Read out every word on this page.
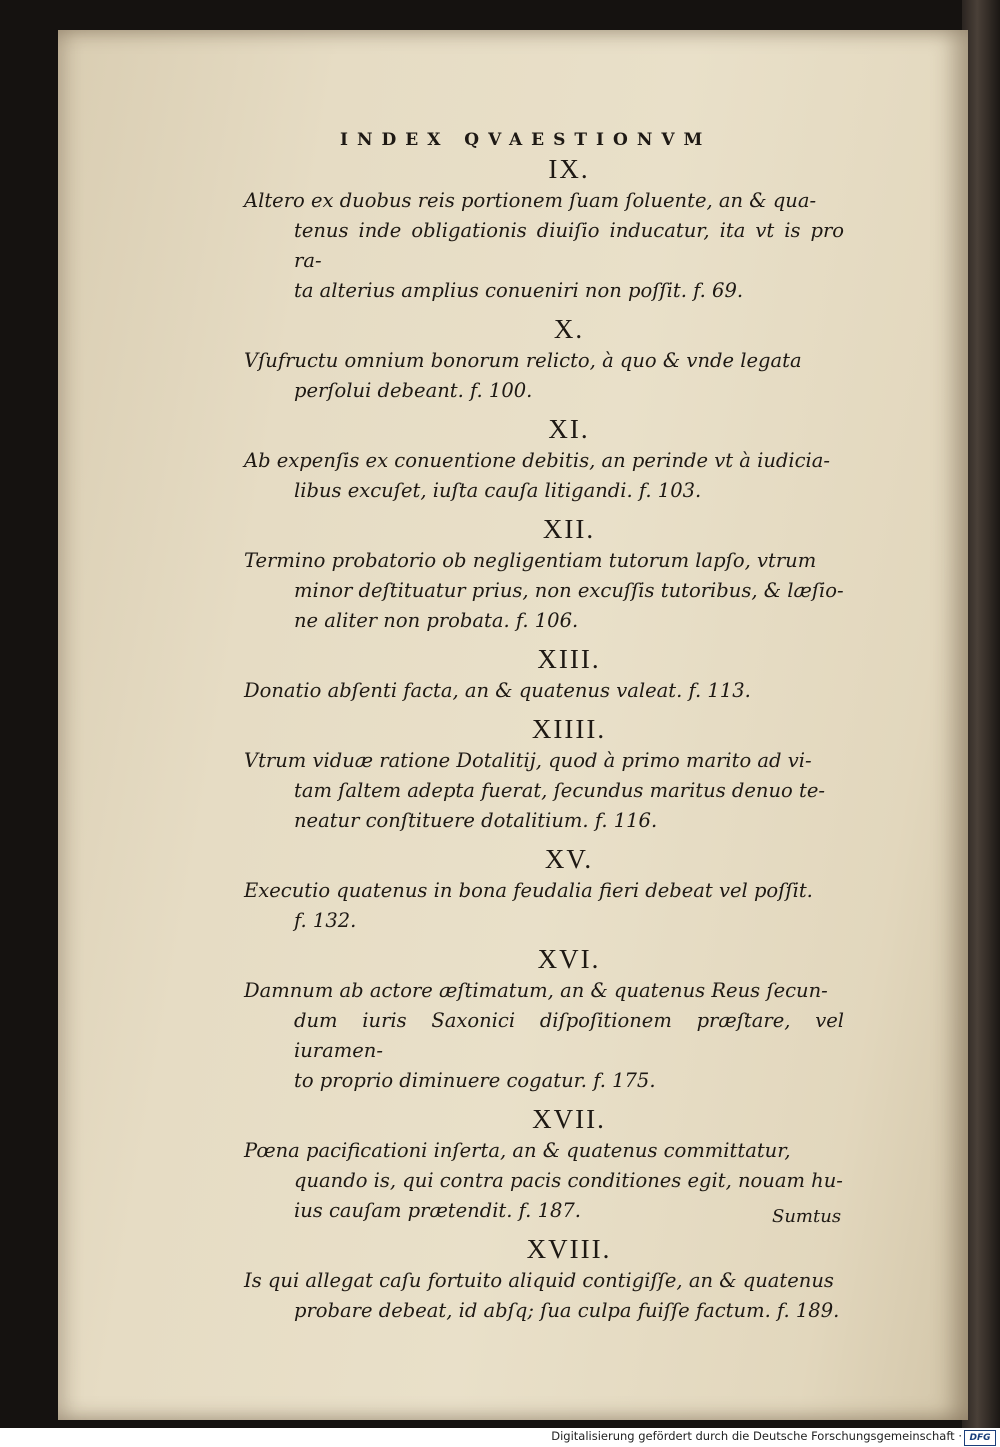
INDEX QVAESTIONVM

IX.

Altero ex duobus reis portionem ſuam ſoluente, an & qua-
tenus inde obligationis diuiſio inducatur, ita vt is pro ra-
ta alterius amplius conueniri non poſſit. f. 69.

X.

Vſufructu omnium bonorum relicto, à quo & vnde legata
perſolui debeant. f. 100.

XI.

Ab expenſis ex conuentione debitis, an perinde vt à iudicia-
libus excuſet, iuſta cauſa litigandi. f. 103.

XII.

Termino probatorio ob negligentiam tutorum lapſo, vtrum
minor deſtituatur prius, non excuſſis tutoribus, & læſio-
ne aliter non probata. f. 106.

XIII.

Donatio abſenti facta, an & quatenus valeat. f. 113.

XIIII.

Vtrum viduæ ratione Dotalitij, quod à primo marito ad vi-
tam ſaltem adepta fuerat, ſecundus maritus denuo te-
neatur conſtituere dotalitium. f. 116.

XV.

Executio quatenus in bona feudalia fieri debeat vel poſſit.
f. 132.

XVI.

Damnum ab actore æſtimatum, an & quatenus Reus ſecun-
dum iuris Saxonici diſpoſitionem præſtare, vel iuramen-
to proprio diminuere cogatur. f. 175.

XVII.

Pœna pacificationi inſerta, an & quatenus committatur,
quando is, qui contra pacis conditiones egit, nouam hu-
ius cauſam prætendit. f. 187.

XVIII.

Is qui allegat caſu fortuito aliquid contigiſſe, an & quatenus
probare debeat, id abſq; ſua culpa fuiſſe factum. f. 189.

Sumtus
Digitalisierung gefördert durch die Deutsche Forschungsgemeinschaft · DFG
